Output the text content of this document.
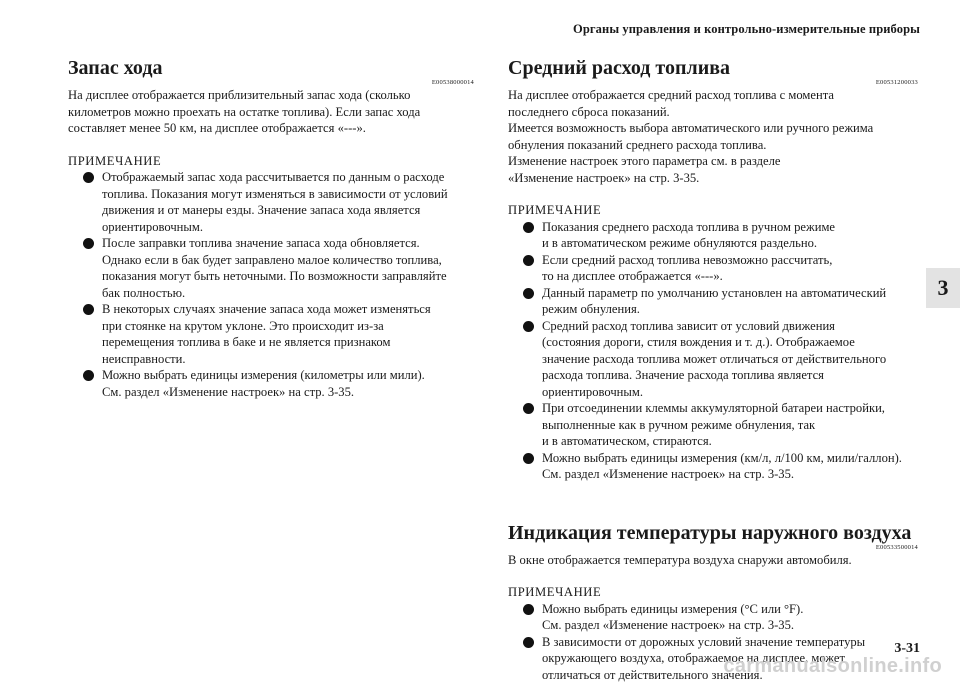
Органы управления и контрольно-измерительные приборы
Запас хода
E00538000014
На дисплее отображается приблизительный запас хода (сколько
километров можно проехать на остатке топлива). Если запас хода
составляет менее 50 км, на дисплее отображается «---».
ПРИМЕЧАНИЕ
Отображаемый запас хода рассчитывается по данным о расходе
топлива. Показания могут изменяться в зависимости от условий
движения и от манеры езды. Значение запаса хода является
ориентировочным.
После заправки топлива значение запаса хода обновляется.
Однако если в бак будет заправлено малое количество топлива,
показания могут быть неточными. По возможности заправляйте
бак полностью.
В некоторых случаях значение запаса хода может изменяться
при стоянке на крутом уклоне. Это происходит из-за
перемещения топлива в баке и не является признаком
неисправности.
Можно выбрать единицы измерения (километры или мили).
См. раздел «Изменение настроек» на стр. 3-35.
Средний расход топлива
E00531200033
На дисплее отображается средний расход топлива с момента
последнего сброса показаний.
Имеется возможность выбора автоматического или ручного режима
обнуления показаний среднего расхода топлива.
Изменение настроек этого параметра см. в разделе
«Изменение настроек» на стр. 3-35.
ПРИМЕЧАНИЕ
Показания среднего расхода топлива в ручном режиме
и в автоматическом режиме обнуляются раздельно.
Если средний расход топлива невозможно рассчитать,
то на дисплее отображается «---».
Данный параметр по умолчанию установлен на автоматический
режим обнуления.
Средний расход топлива зависит от условий движения
(состояния дороги, стиля вождения и т. д.). Отображаемое
значение расхода топлива может отличаться от действительного
расхода топлива. Значение расхода топлива является
ориентировочным.
При отсоединении клеммы аккумуляторной батареи настройки,
выполненные как в ручном режиме обнуления, так
и в автоматическом, стираются.
Можно выбрать единицы измерения (км/л, л/100 км, мили/галлон).
См. раздел «Изменение настроек» на стр. 3-35.
Индикация температуры наружного воздуха
E00533500014
В окне отображается температура воздуха снаружи автомобиля.
ПРИМЕЧАНИЕ
Можно выбрать единицы измерения (°C или °F).
См. раздел «Изменение настроек» на стр. 3-35.
В зависимости от дорожных условий значение температуры
окружающего воздуха, отображаемое на дисплее, может
отличаться от действительного значения.
3
3-31
carmanualsonline.info
